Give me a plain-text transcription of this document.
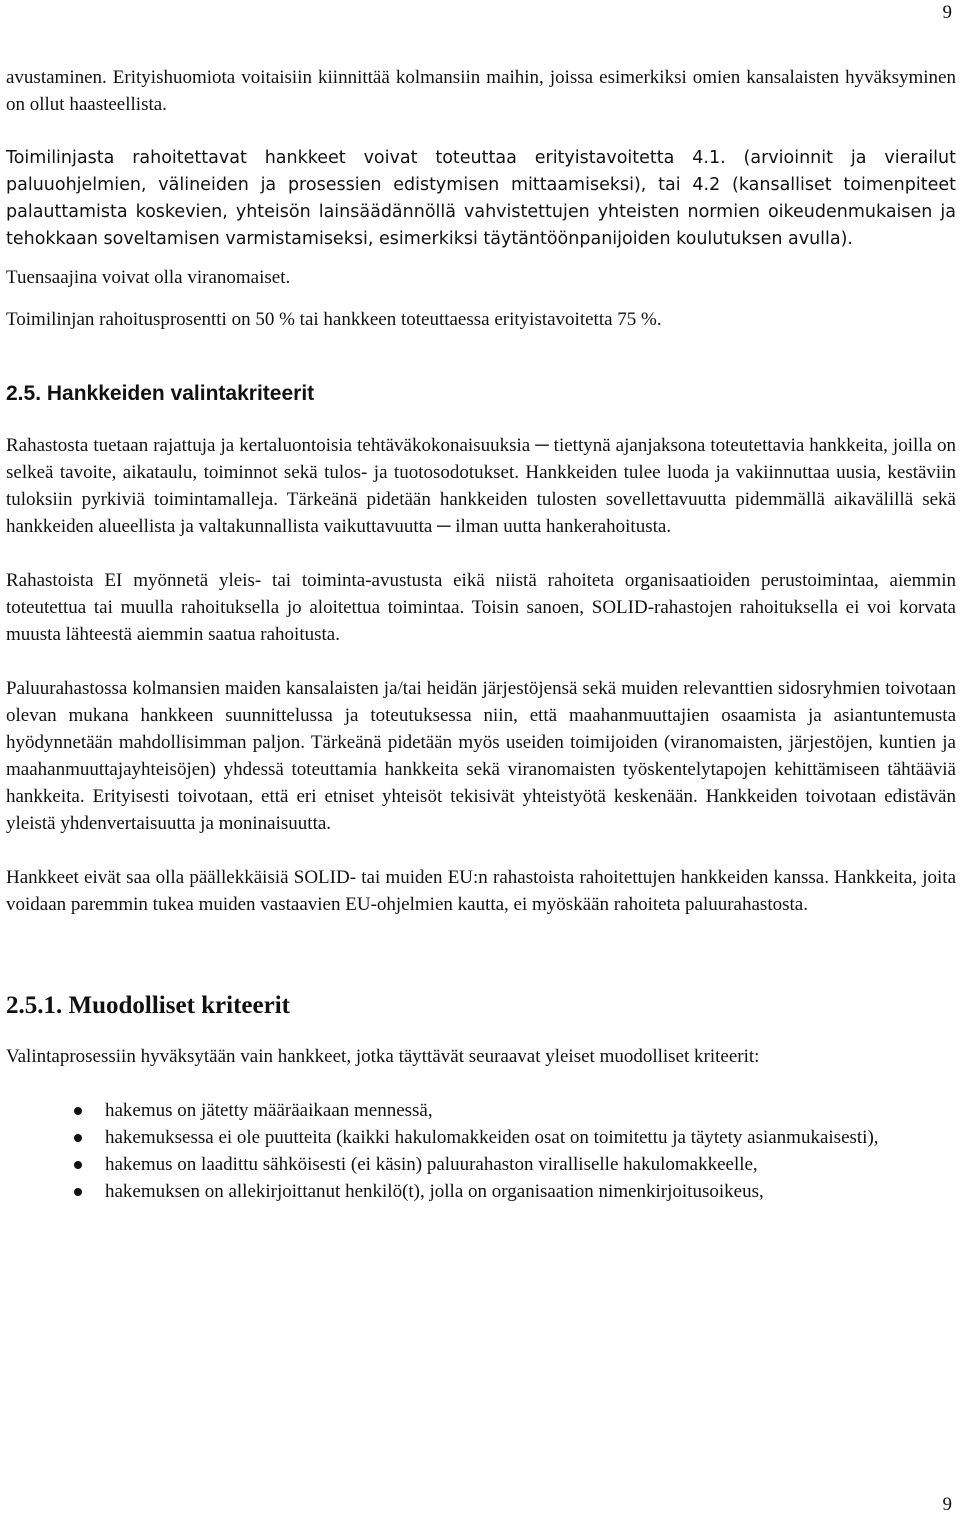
9

avustaminen. Erityishuomiota voitaisiin kiinnittää kolmansiin maihin, joissa esimerkiksi omien kansalaisten hyväksyminen on ollut haasteellista.

Toimilinjasta rahoitettavat hankkeet voivat toteuttaa erityistavoitetta 4.1. (arvioinnit ja vierailut paluuohjelmien, välineiden ja prosessien edistymisen mittaamiseksi), tai 4.2 (kansalliset toimenpiteet palauttamista koskevien, yhteisön lainsäädännöllä vahvistettujen yhteisten normien oikeudenmukaisen ja tehokkaan soveltamisen varmistamiseksi, esimerkiksi täytäntöönpanijoiden koulutuksen avulla).

Tuensaajina voivat olla viranomaiset.

Toimilinjan rahoitusprosentti on 50 % tai hankkeen toteuttaessa erityistavoitetta 75 %.

2.5. Hankkeiden valintakriteerit

Rahastosta tuetaan rajattuja ja kertaluontoisia tehtäväkokonaisuuksia ─ tiettynä ajanjaksona toteutettavia hankkeita, joilla on selkeä tavoite, aikataulu, toiminnot sekä tulos- ja tuotosodotukset. Hankkeiden tulee luoda ja vakiinnuttaa uusia, kestäviin tuloksiin pyrkiviä toimintamalleja. Tärkeänä pidetään hankkeiden tulosten sovellettavuutta pidemmällä aikavälillä sekä hankkeiden alueellista ja valtakunnallista vaikuttavuutta ─ ilman uutta hankerahoitusta.

Rahastoista EI myönnetä yleis- tai toiminta-avustusta eikä niistä rahoiteta organisaatioiden perustoimintaa, aiemmin toteutettua tai muulla rahoituksella jo aloitettua toimintaa. Toisin sanoen, SOLID-rahastojen rahoituksella ei voi korvata muusta lähteestä aiemmin saatua rahoitusta.

Paluurahastossa kolmansien maiden kansalaisten ja/tai heidän järjestöjensä sekä muiden relevanttien sidosryhmien toivotaan olevan mukana hankkeen suunnittelussa ja toteutuksessa niin, että maahanmuuttajien osaamista ja asiantuntemusta hyödynnetään mahdollisimman paljon. Tärkeänä pidetään myös useiden toimijoiden (viranomaisten, järjestöjen, kuntien ja maahanmuuttajayhteisöjen) yhdessä toteuttamia hankkeita sekä viranomaisten työskentelytapojen kehittämiseen tähtääviä hankkeita. Erityisesti toivotaan, että eri etniset yhteisöt tekisivät yhteistyötä keskenään. Hankkeiden toivotaan edistävän yleistä yhdenvertaisuutta ja moninaisuutta.

Hankkeet eivät saa olla päällekkäisiä SOLID- tai muiden EU:n rahastoista rahoitettujen hankkeiden kanssa. Hankkeita, joita voidaan paremmin tukea muiden vastaavien EU-ohjelmien kautta, ei myöskään rahoiteta paluurahastosta.

2.5.1. Muodolliset kriteerit

Valintaprosessiin hyväksytään vain hankkeet, jotka täyttävät seuraavat yleiset muodolliset kriteerit:

hakemus on jätetty määräaikaan mennessä,
hakemuksessa ei ole puutteita (kaikki hakulomakkeiden osat on toimitettu ja täytety asianmukaisesti),
hakemus on laadittu sähköisesti (ei käsin) paluurahaston viralliselle hakulomakkeelle,
hakemuksen on allekirjoittanut henkilö(t), jolla on organisaation nimenkirjoitusoikeus,
9
